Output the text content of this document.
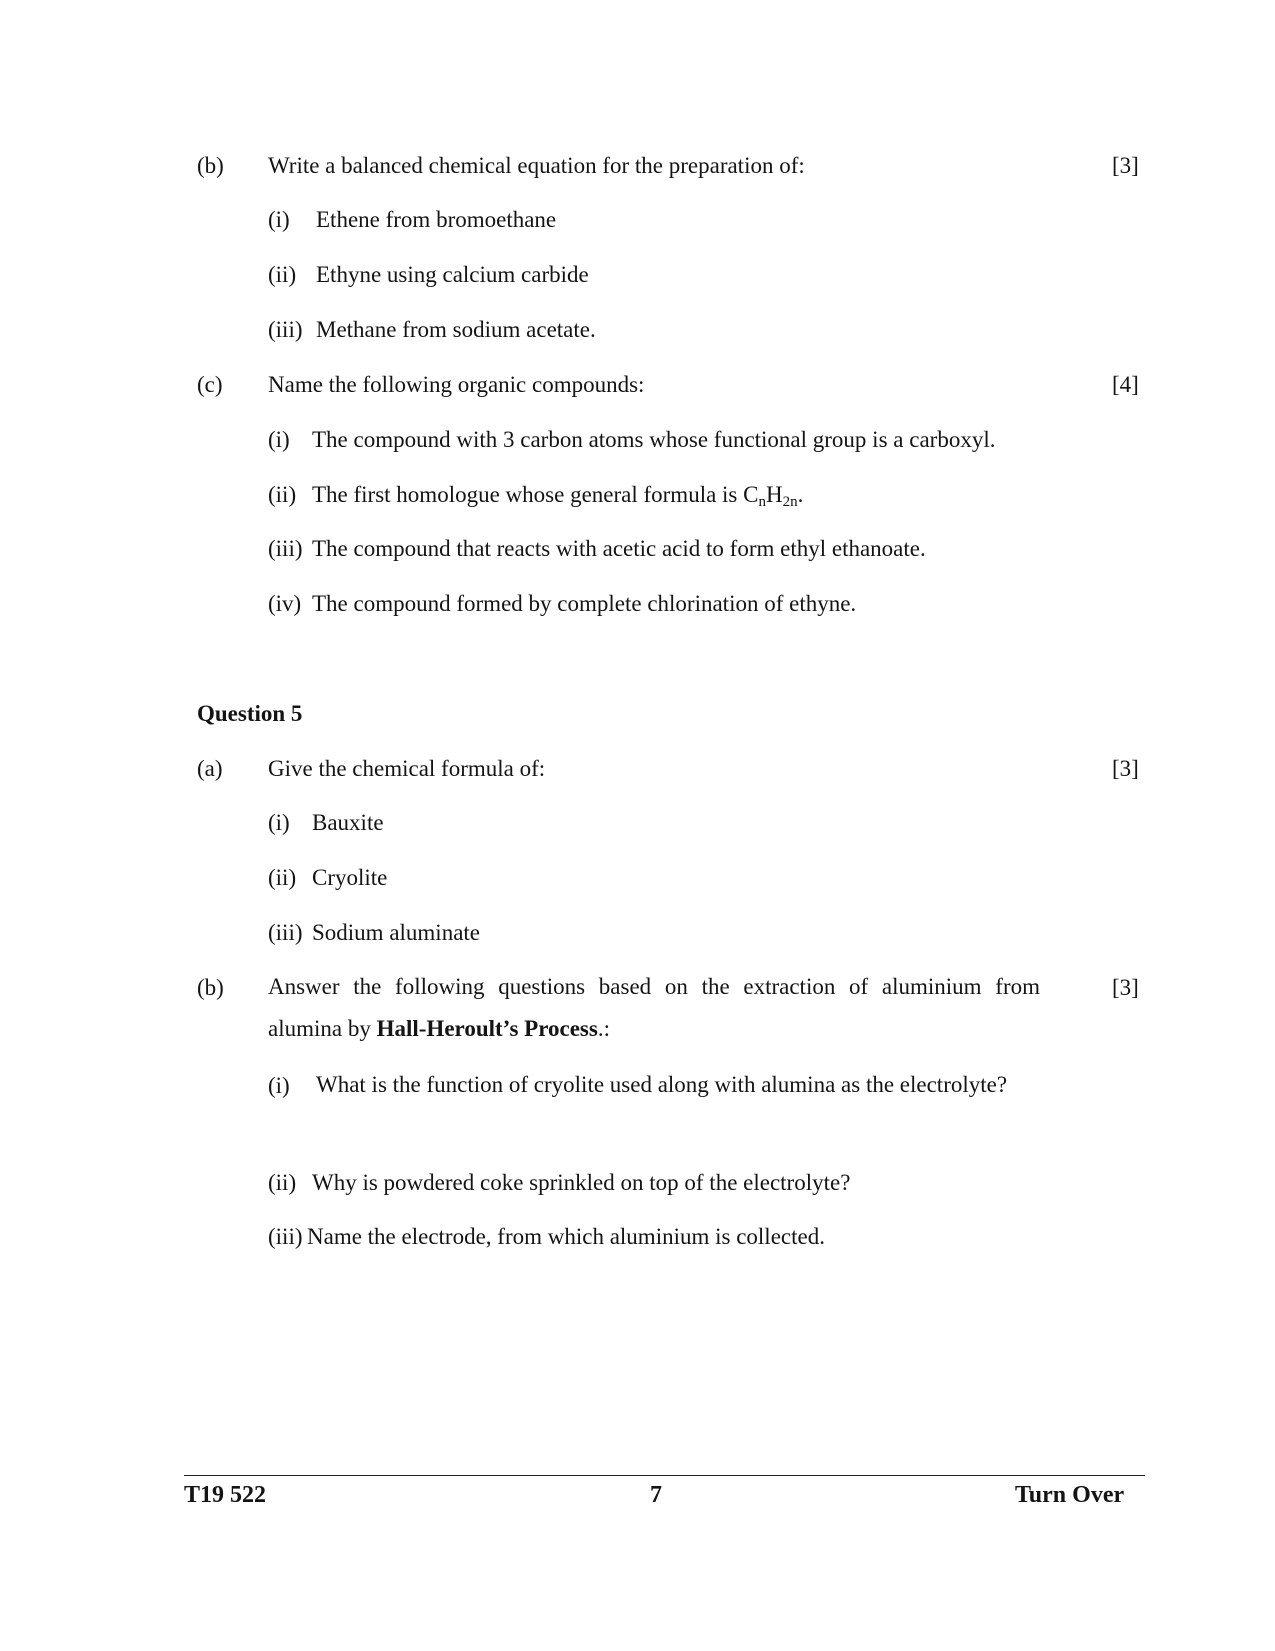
(b) Write a balanced chemical equation for the preparation of:	[3]
(i) Ethene from bromoethane
(ii) Ethyne using calcium carbide
(iii) Methane from sodium acetate.
(c) Name the following organic compounds:	[4]
(i) The compound with 3 carbon atoms whose functional group is a carboxyl.
(ii) The first homologue whose general formula is $C_nH_{2n}$.
(iii) The compound that reacts with acetic acid to form ethyl ethanoate.
(iv) The compound formed by complete chlorination of ethyne.
Question 5
(a) Give the chemical formula of:	[3]
(i) Bauxite
(ii) Cryolite
(iii) Sodium aluminate
(b) Answer the following questions based on the extraction of aluminium from alumina by Hall-Heroult’s Process.:
[3]
(i) What is the function of cryolite used along with alumina as the electrolyte?
(ii) Why is powdered coke sprinkled on top of the electrolyte?
(iii) Name the electrode, from which aluminium is collected.
T19 522	7	Turn Over
